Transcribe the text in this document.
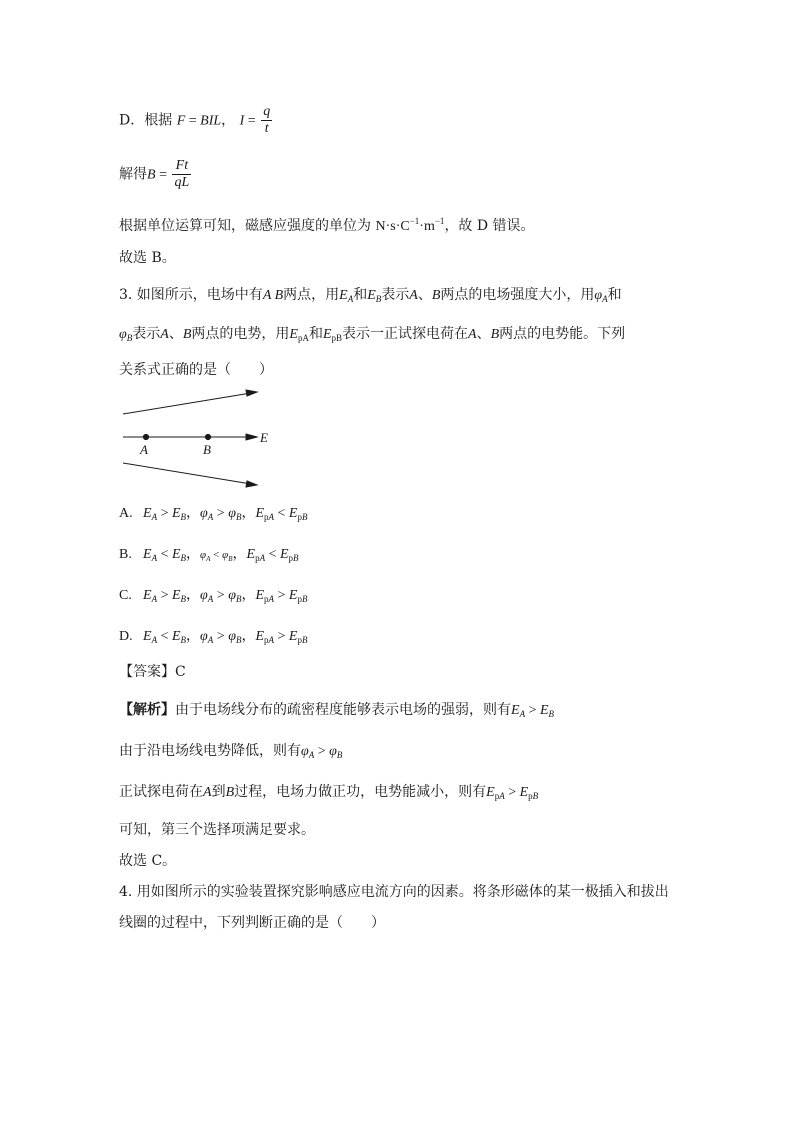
D．根据 F = BIL， $I = \frac{q}{t}$
解得$B = \frac{Ft}{qL}$
根据单位运算可知，磁感应强度的单位为 $N\cdot s\cdot C^{-1}\cdot m^{-1}$，故 D 错误。
故选 B。
3. 如图所示，电场中有A B两点，用$E_A$和$E_B$表示A、B两点的电场强度大小，用$\varphi_A$和
$\varphi_B$表示A、B两点的电势，用$E_{pA}$和$E_{pB}$表示一正试探电荷在A、B两点的电势能。下列
关系式正确的是（　　）
A	B
E
A. $E_A > E_B$，$\varphi_A > \varphi_B$，$E_{pA} < E_{pB}$
B. $E_A < E_B$，$\varphi_A < \varphi_B$，$E_{pA} < E_{pB}$
C. $E_A > E_B$，$\varphi_A > \varphi_B$，$E_{pA} > E_{pB}$
D. $E_A < E_B$，$\varphi_A > \varphi_B$，$E_{pA} > E_{pB}$
【答案】C
【解析】由于电场线分布的疏密程度能够表示电场的强弱，则有$E_A > E_B$
由于沿电场线电势降低，则有$\varphi_A > \varphi_B$
正试探电荷在A到B过程，电场力做正功，电势能减小，则有$E_{pA} > E_{pB}$
可知，第三个选择项满足要求。
故选 C。
4. 用如图所示的实验装置探究影响感应电流方向的因素。将条形磁体的某一极插入和拔出
线圈的过程中，下列判断正确的是（　　）
